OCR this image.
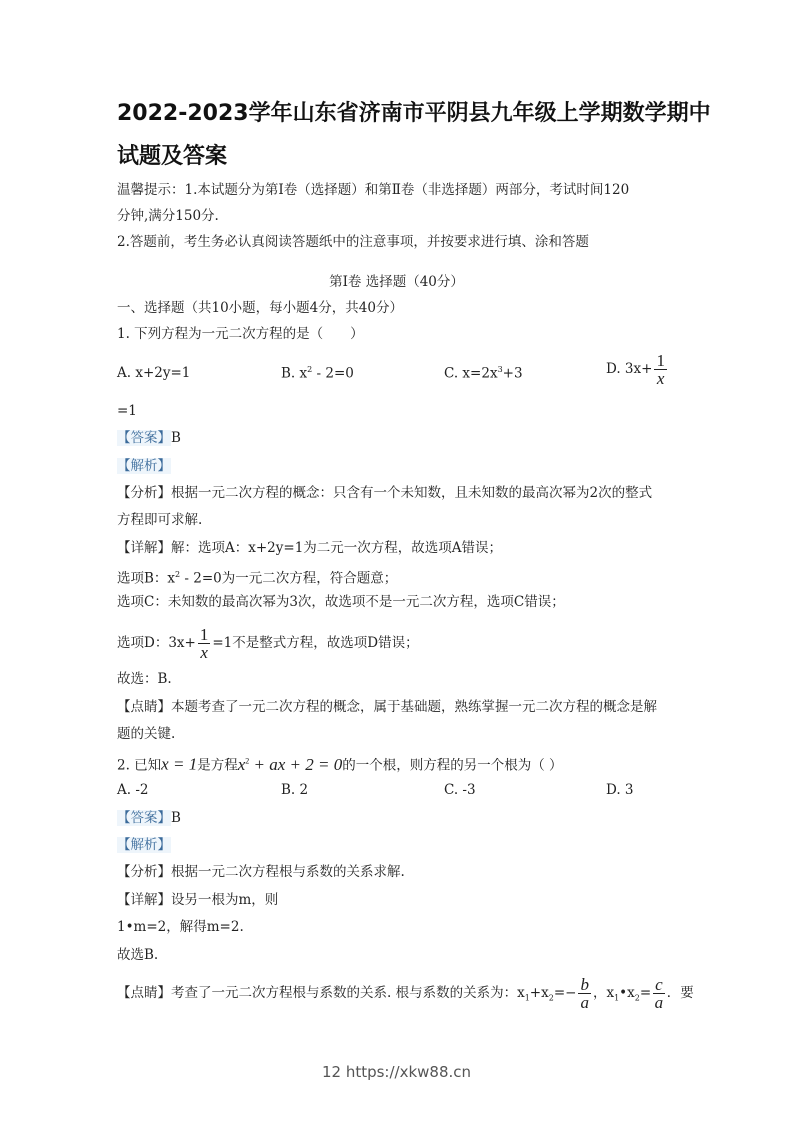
2022-2023学年山东省济南市平阴县九年级上学期数学期中
试题及答案
温馨提示：1.本试题分为第Ⅰ卷（选择题）和第Ⅱ卷（非选择题）两部分，考试时间120
分钟,满分150分.
2.答题前，考生务必认真阅读答题纸中的注意事项，并按要求进行填、涂和答题
第Ⅰ卷 选择题（40分）
一、选择题（共10小题，每小题4分，共40分）
1. 下列方程为一元二次方程的是（　　）
A. x+2y=1	B. $x^2 - 2=0$	C. $x=2x^3+3$	D. $3x+ \frac{1}{x}$
=1
【答案】B
【解析】
【分析】根据一元二次方程的概念：只含有一个未知数，且未知数的最高次幂为2次的整式
方程即可求解.
【详解】解：选项A：x+2y=1为二元一次方程，故选项A错误；
选项B：$x^2 - 2=0$为一元二次方程，符合题意；
选项C：未知数的最高次幂为3次，故选项不是一元二次方程，选项C错误；
选项D：$3x+ \frac{1}{x} =1$不是整式方程，故选项D错误；
故选：B.
【点睛】本题考查了一元二次方程的概念，属于基础题，熟练掌握一元二次方程的概念是解
题的关键.
2. 已知x = 1是方程$x^2$ + ax + 2 = 0的一个根，则方程的另一个根为（ ）
A. -2	B. 2	C. -3	D. 3
【答案】B
【解析】
【分析】根据一元二次方程根与系数的关系求解.
【详解】设另一根为m，则
1•m=2，解得m=2.
故选B.
【点睛】考查了一元二次方程根与系数的关系. 根与系数的关系为：$x_1+x_2=- \frac{b}{a}$ ，$x_1•x_2= \frac{c}{a}$ ．要
12 https://xkw88.cn
